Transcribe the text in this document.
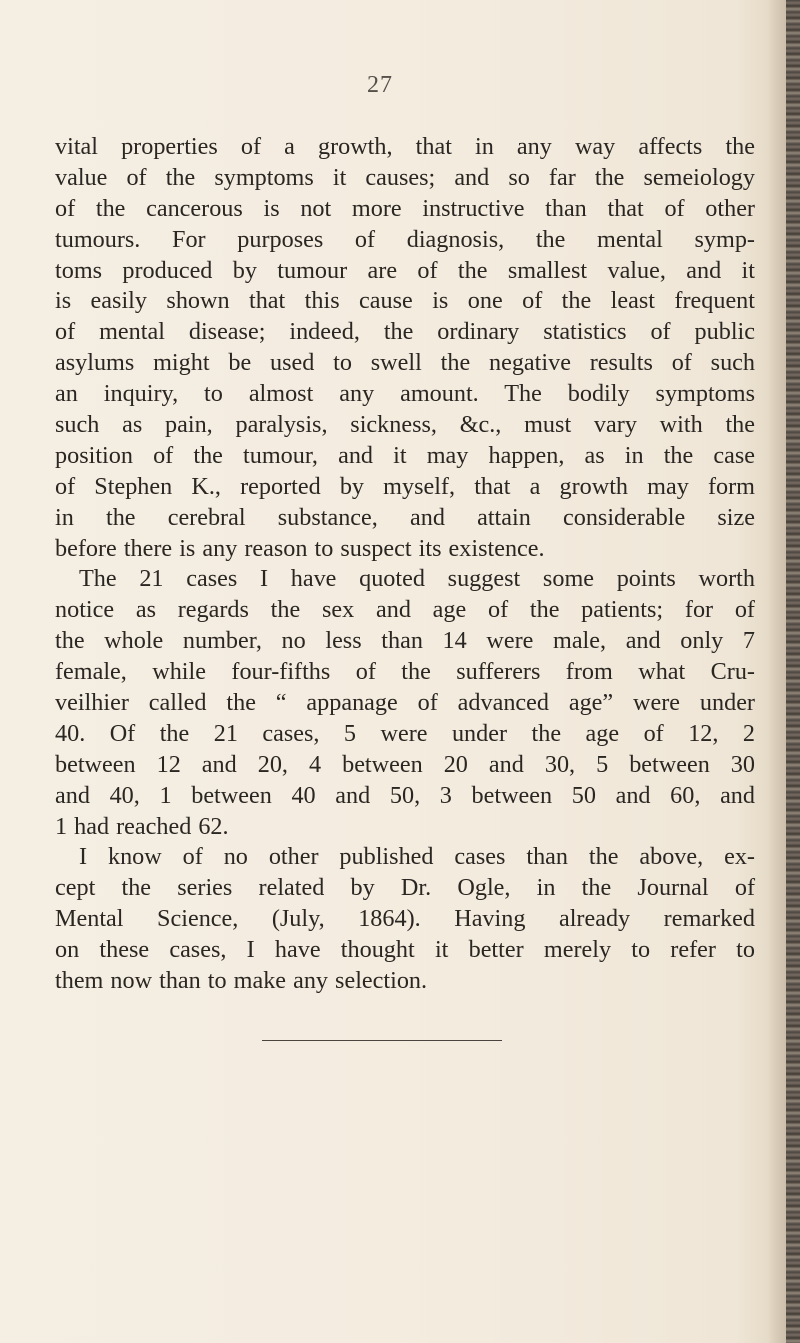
27
vital properties of a growth, that in any way affects the
value of the symptoms it causes; and so far the semeiology
of the cancerous is not more instructive than that of other
tumours. For purposes of diagnosis, the mental symp-
toms produced by tumour are of the smallest value, and it
is easily shown that this cause is one of the least frequent
of mental disease; indeed, the ordinary statistics of public
asylums might be used to swell the negative results of such
an inquiry, to almost any amount. The bodily symptoms
such as pain, paralysis, sickness, &c., must vary with the
position of the tumour, and it may happen, as in the case
of Stephen K., reported by myself, that a growth may form
in the cerebral substance, and attain considerable size
before there is any reason to suspect its existence.
The 21 cases I have quoted suggest some points worth
notice as regards the sex and age of the patients; for of
the whole number, no less than 14 were male, and only 7
female, while four-fifths of the sufferers from what Cru-
veilhier called the “ appanage of advanced age” were under
40. Of the 21 cases, 5 were under the age of 12, 2
between 12 and 20, 4 between 20 and 30, 5 between 30
and 40, 1 between 40 and 50, 3 between 50 and 60, and
1 had reached 62.
I know of no other published cases than the above, ex-
cept the series related by Dr. Ogle, in the Journal of
Mental Science, (July, 1864). Having already remarked
on these cases, I have thought it better merely to refer to
them now than to make any selection.
